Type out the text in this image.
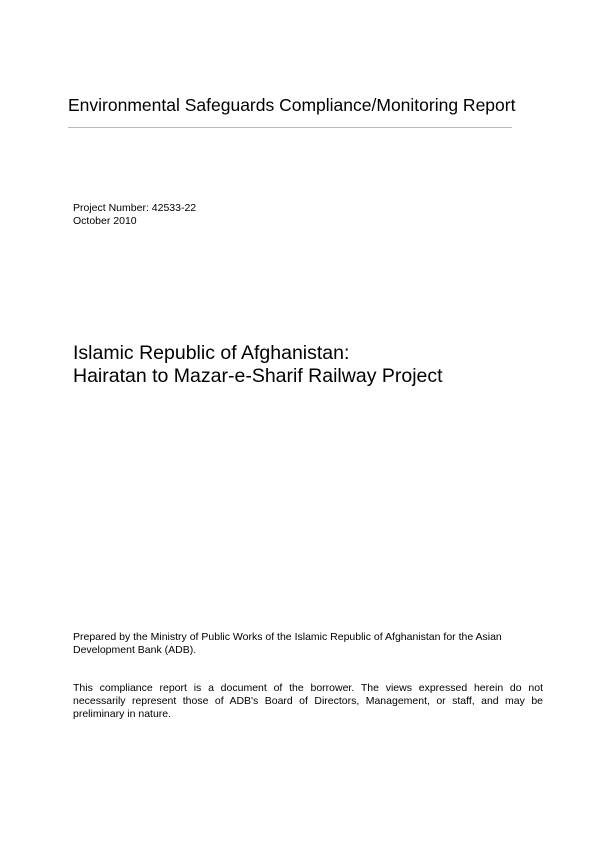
Environmental Safeguards Compliance/Monitoring Report
Project Number: 42533-22
October 2010
Islamic Republic of Afghanistan:
Hairatan to Mazar-e-Sharif Railway Project
Prepared by the Ministry of Public Works of the Islamic Republic of Afghanistan for the Asian Development Bank (ADB).
This compliance report is a document of the borrower. The views expressed herein do not necessarily represent those of ADB's Board of Directors, Management, or staff, and may be preliminary in nature.
